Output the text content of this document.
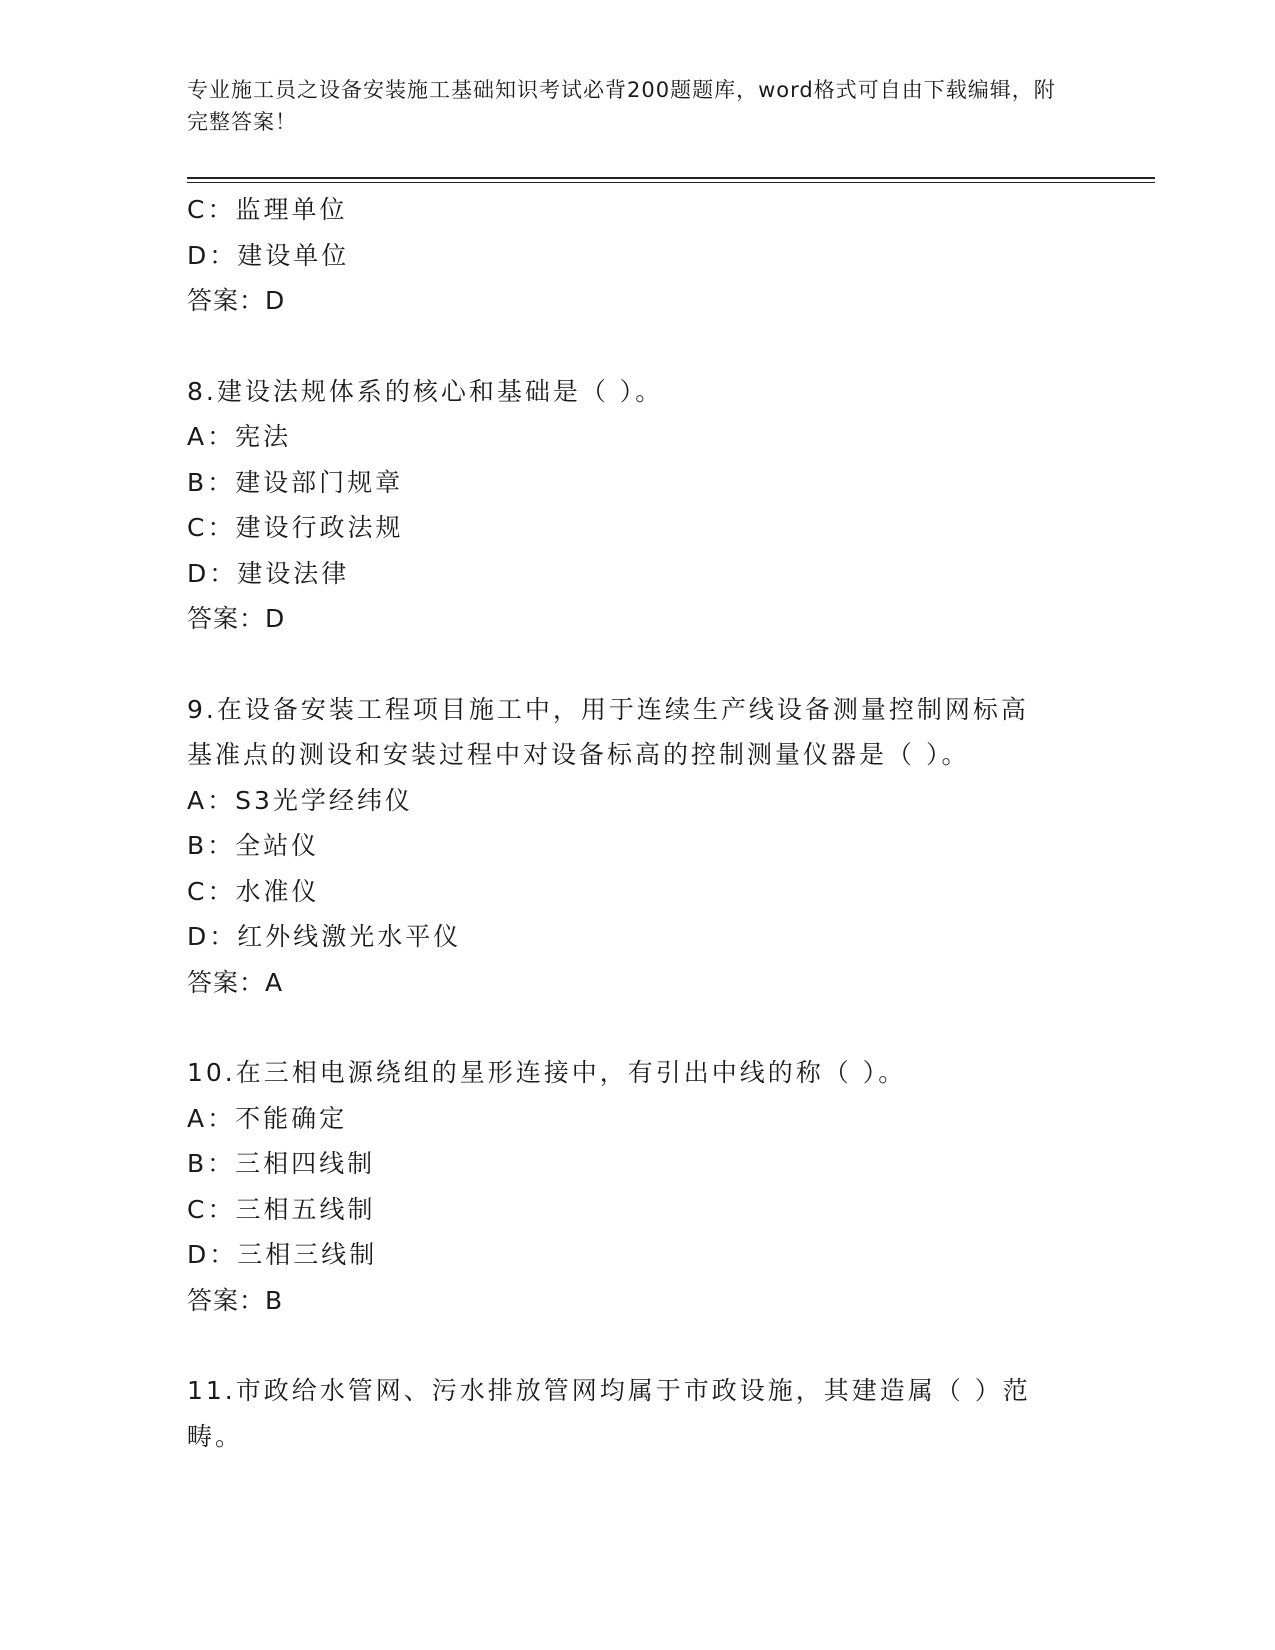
专业施工员之设备安装施工基础知识考试必背200题题库，word格式可自由下载编辑，附完整答案！
C：监理单位
D：建设单位
答案：D
8.建设法规体系的核心和基础是（ ）。
A：宪法
B：建设部门规章
C：建设行政法规
D：建设法律
答案：D
9.在设备安装工程项目施工中，用于连续生产线设备测量控制网标高
基准点的测设和安装过程中对设备标高的控制测量仪器是（ ）。
A：S3光学经纬仪
B：全站仪
C：水准仪
D：红外线激光水平仪
答案：A
10.在三相电源绕组的星形连接中，有引出中线的称（ ）。
A：不能确定
B：三相四线制
C：三相五线制
D：三相三线制
答案：B
11.市政给水管网、污水排放管网均属于市政设施，其建造属（ ）范
畴。
